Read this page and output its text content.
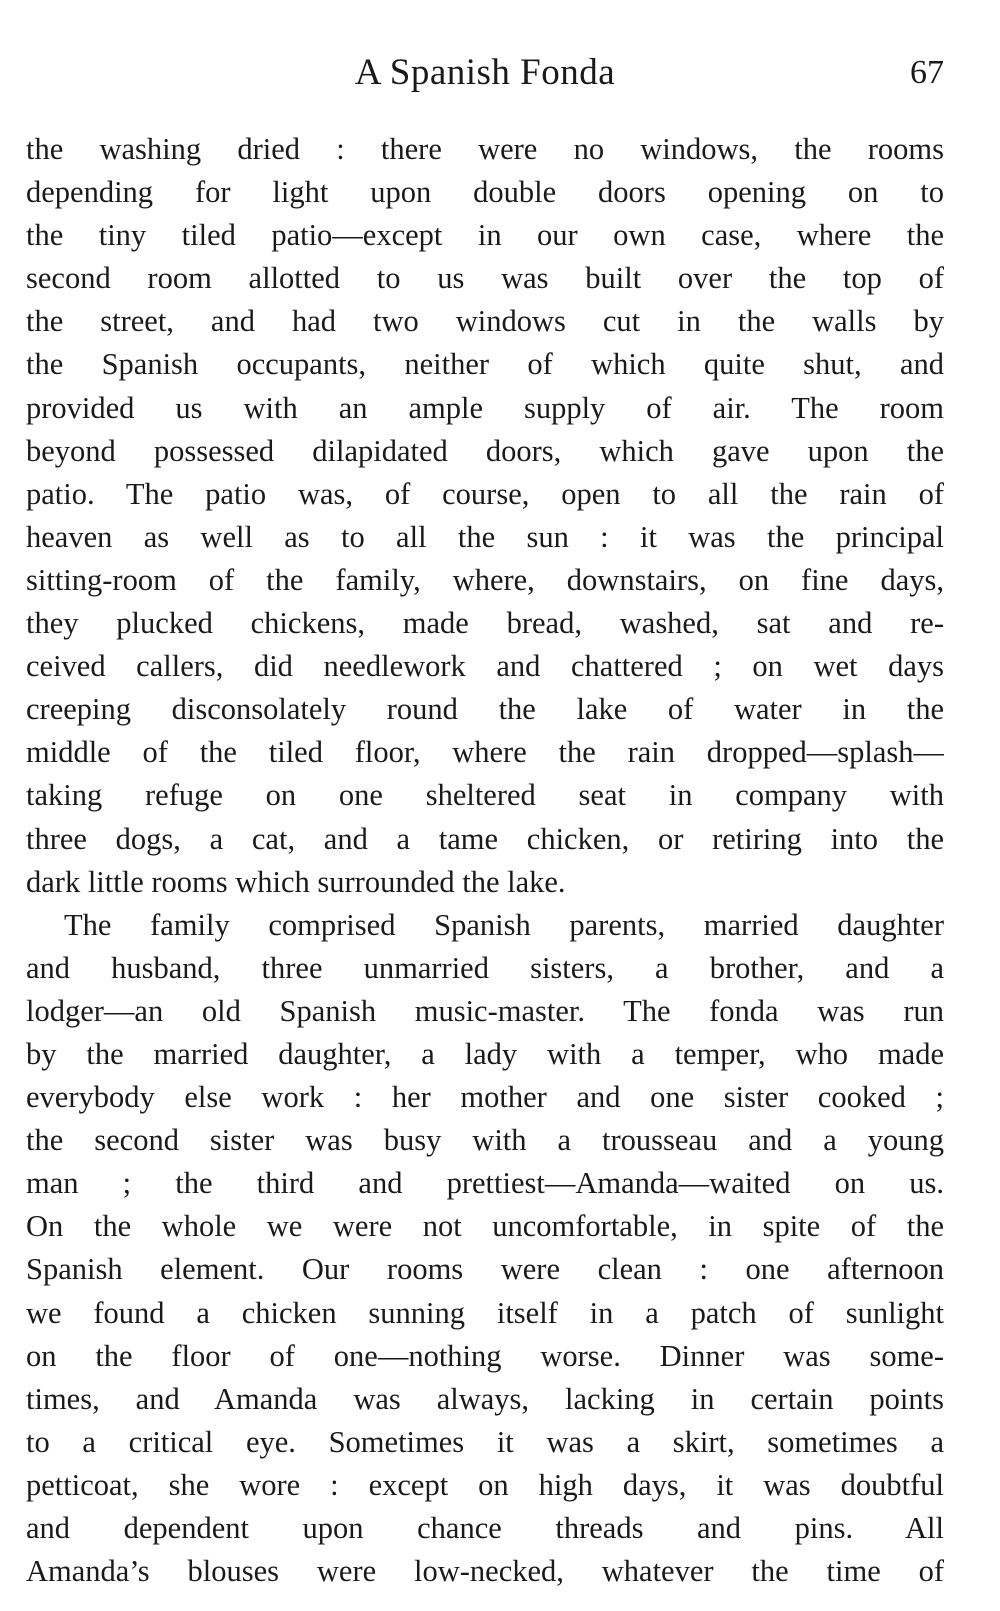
A Spanish Fonda	67
the washing dried : there were no windows, the rooms
depending for light upon double doors opening on to
the tiny tiled patio—except in our own case, where the
second room allotted to us was built over the top of
the street, and had two windows cut in the walls by
the Spanish occupants, neither of which quite shut, and
provided us with an ample supply of air. The room
beyond possessed dilapidated doors, which gave upon the
patio. The patio was, of course, open to all the rain of
heaven as well as to all the sun : it was the principal
sitting-room of the family, where, downstairs, on fine days,
they plucked chickens, made bread, washed, sat and re-
ceived callers, did needlework and chattered ; on wet days
creeping disconsolately round the lake of water in the
middle of the tiled floor, where the rain dropped—splash—
taking refuge on one sheltered seat in company with
three dogs, a cat, and a tame chicken, or retiring into the
dark little rooms which surrounded the lake.
The family comprised Spanish parents, married daughter
and husband, three unmarried sisters, a brother, and a
lodger—an old Spanish music-master. The fonda was run
by the married daughter, a lady with a temper, who made
everybody else work : her mother and one sister cooked ;
the second sister was busy with a trousseau and a young
man ; the third and prettiest—Amanda—waited on us.
On the whole we were not uncomfortable, in spite of the
Spanish element. Our rooms were clean : one afternoon
we found a chicken sunning itself in a patch of sunlight
on the floor of one—nothing worse. Dinner was some-
times, and Amanda was always, lacking in certain points
to a critical eye. Sometimes it was a skirt, sometimes a
petticoat, she wore : except on high days, it was doubtful
and dependent upon chance threads and pins. All
Amanda’s blouses were low-necked, whatever the time of
